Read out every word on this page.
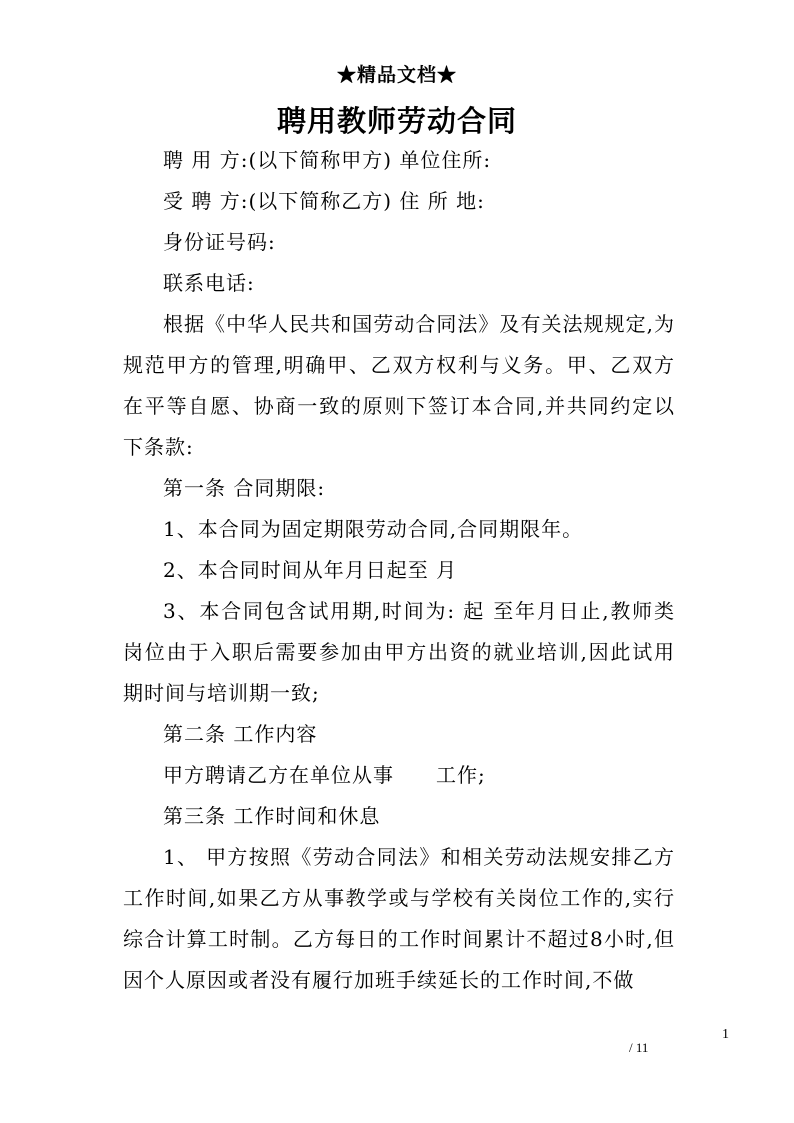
★精品文档★
聘用教师劳动合同

聘 用 方:(以下简称甲方) 单位住所:

受 聘 方:(以下简称乙方) 住 所 地:

身份证号码:

联系电话:

根据《中华人民共和国劳动合同法》及有关法规规定,为规范甲方的管理,明确甲、乙双方权利与义务。甲、乙双方在平等自愿、协商一致的原则下签订本合同,并共同约定以下条款:

第一条 合同期限:

1、本合同为固定期限劳动合同,合同期限年。

2、本合同时间从年月日起至 月

3、本合同包含试用期,时间为: 起 至年月日止,教师类岗位由于入职后需要参加由甲方出资的就业培训,因此试用期时间与培训期一致;

第二条 工作内容

甲方聘请乙方在单位从事　　工作;

第三条 工作时间和休息

1、 甲方按照《劳动合同法》和相关劳动法规安排乙方工作时间,如果乙方从事教学或与学校有关岗位工作的,实行综合计算工时制。乙方每日的工作时间累计不超过8小时,但因个人原因或者没有履行加班手续延长的工作时间,不做

1
/ 11
